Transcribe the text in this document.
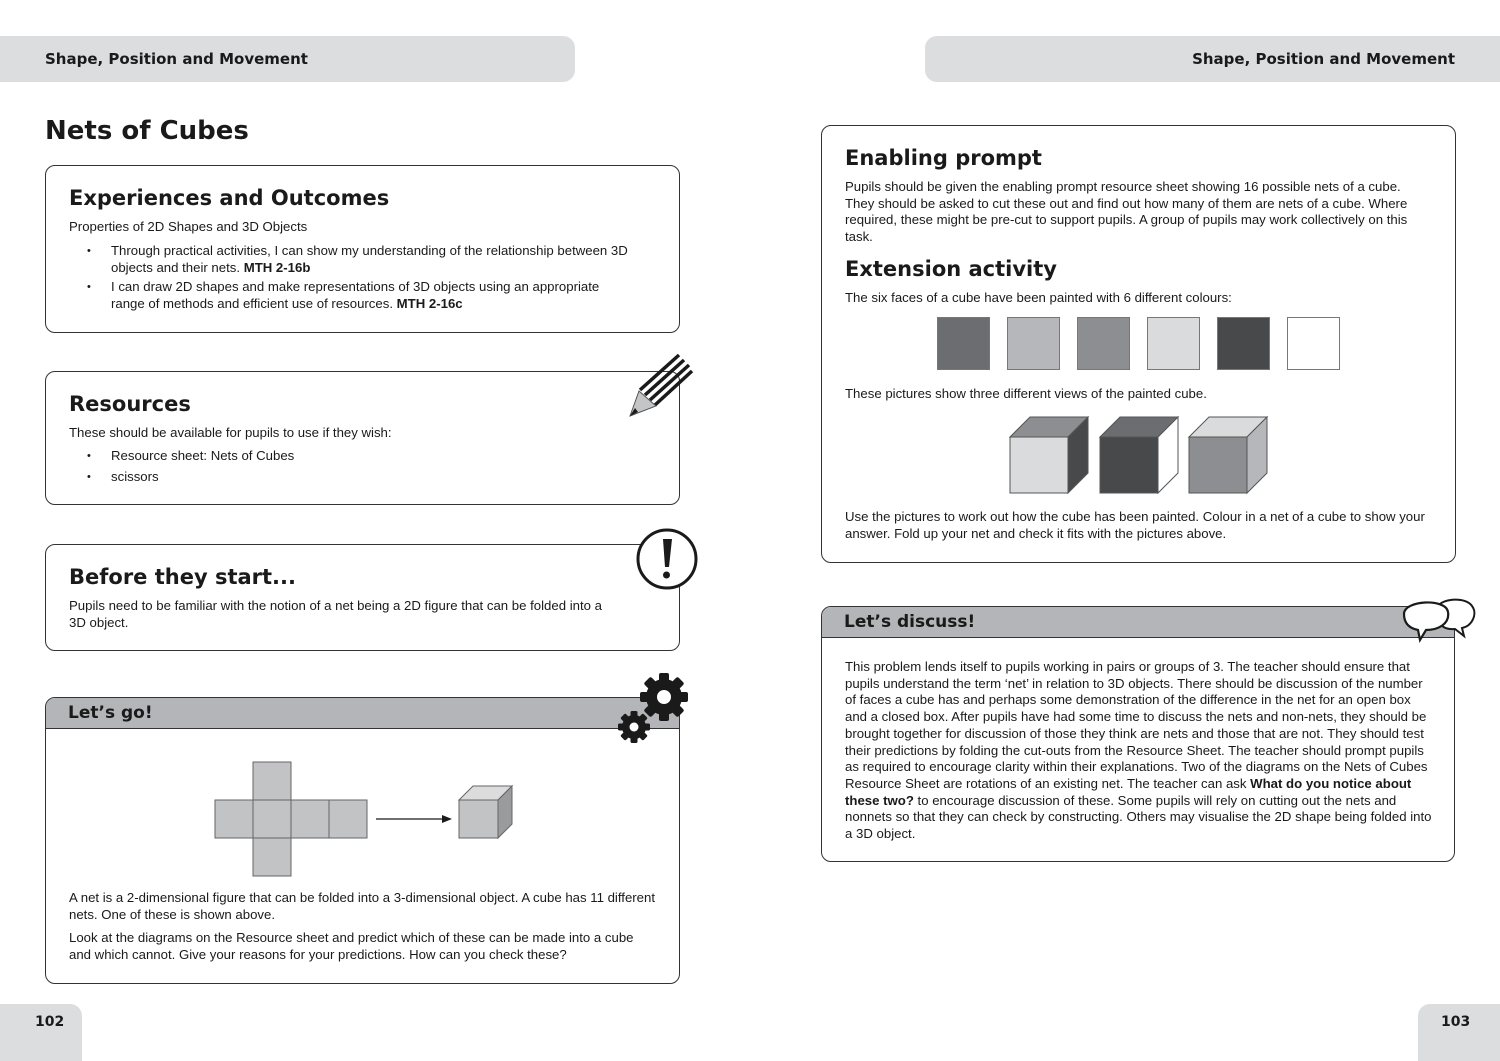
Shape, Position and Movement	Shape, Position and Movement
Nets of Cubes
Experiences and Outcomes
Properties of 2D Shapes and 3D Objects
• Through practical activities, I can show my understanding of the relationship between 3D objects and their nets. MTH 2-16b
• I can draw 2D shapes and make representations of 3D objects using an appropriate range of methods and efficient use of resources. MTH 2-16c
Resources
These should be available for pupils to use if they wish:
• Resource sheet: Nets of Cubes
• scissors
Before they start...
Pupils need to be familiar with the notion of a net being a 2D figure that can be folded into a 3D object.
Let’s go!
A net is a 2-dimensional figure that can be folded into a 3-dimensional object. A cube has 11 different nets. One of these is shown above.
Look at the diagrams on the Resource sheet and predict which of these can be made into a cube and which cannot. Give your reasons for your predictions. How can you check these?
Enabling prompt
Pupils should be given the enabling prompt resource sheet showing 16 possible nets of a cube. They should be asked to cut these out and find out how many of them are nets of a cube. Where required, these might be pre-cut to support pupils. A group of pupils may work collectively on this task.
Extension activity
The six faces of a cube have been painted with 6 different colours:
These pictures show three different views of the painted cube.
Use the pictures to work out how the cube has been painted. Colour in a net of a cube to show your answer. Fold up your net and check it fits with the pictures above.
Let’s discuss!
This problem lends itself to pupils working in pairs or groups of 3. The teacher should ensure that pupils understand the term ‘net’ in relation to 3D objects. There should be discussion of the number of faces a cube has and perhaps some demonstration of the difference in the net for an open box and a closed box. After pupils have had some time to discuss the nets and non-nets, they should be brought together for discussion of those they think are nets and those that are not. They should test their predictions by folding the cut-outs from the Resource Sheet. The teacher should prompt pupils as required to encourage clarity within their explanations. Two of the diagrams on the Nets of Cubes Resource Sheet are rotations of an existing net. The teacher can ask What do you notice about these two? to encourage discussion of these. Some pupils will rely on cutting out the nets and nonnets so that they can check by constructing. Others may visualise the 2D shape being folded into a 3D object.
102	103
